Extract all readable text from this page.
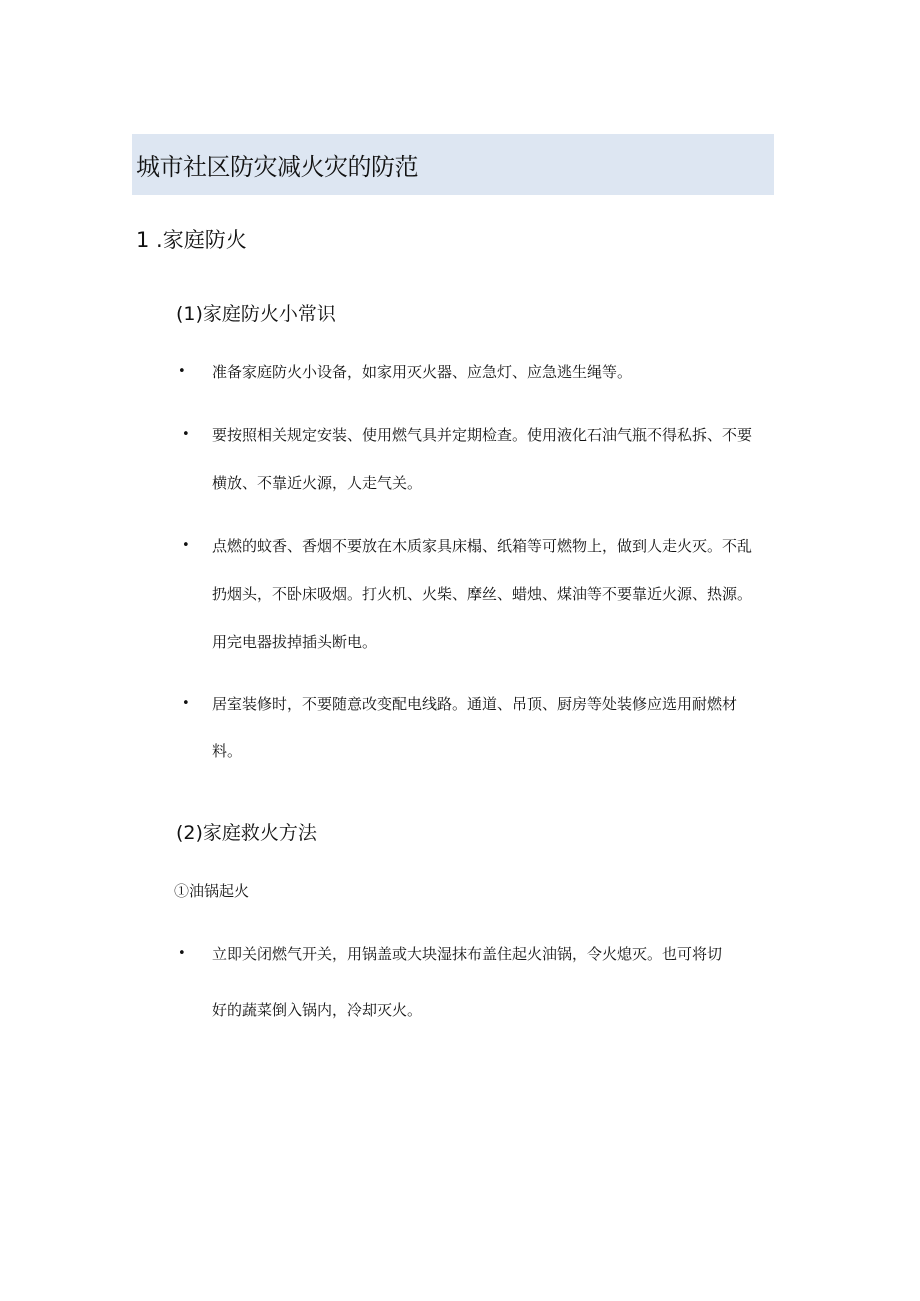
城市社区防灾减火灾的防范
1 .家庭防火
(1)家庭防火小常识
• 准备家庭防火小设备，如家用灭火器、应急灯、应急逃生绳等。
• 要按照相关规定安装、使用燃气具并定期检查。使用液化石油气瓶不得私拆、不要
横放、不靠近火源，人走气关。
• 点燃的蚊香、香烟不要放在木质家具床榻、纸箱等可燃物上，做到人走火灭。不乱
扔烟头，不卧床吸烟。打火机、火柴、摩丝、蜡烛、煤油等不要靠近火源、热源。
用完电器拔掉插头断电。
• 居室装修时，不要随意改变配电线路。通道、吊顶、厨房等处装修应选用耐燃材
料。
(2)家庭救火方法
①油锅起火
• 立即关闭燃气开关，用锅盖或大块湿抹布盖住起火油锅，令火熄灭。也可将切
好的蔬菜倒入锅内，冷却灭火。
